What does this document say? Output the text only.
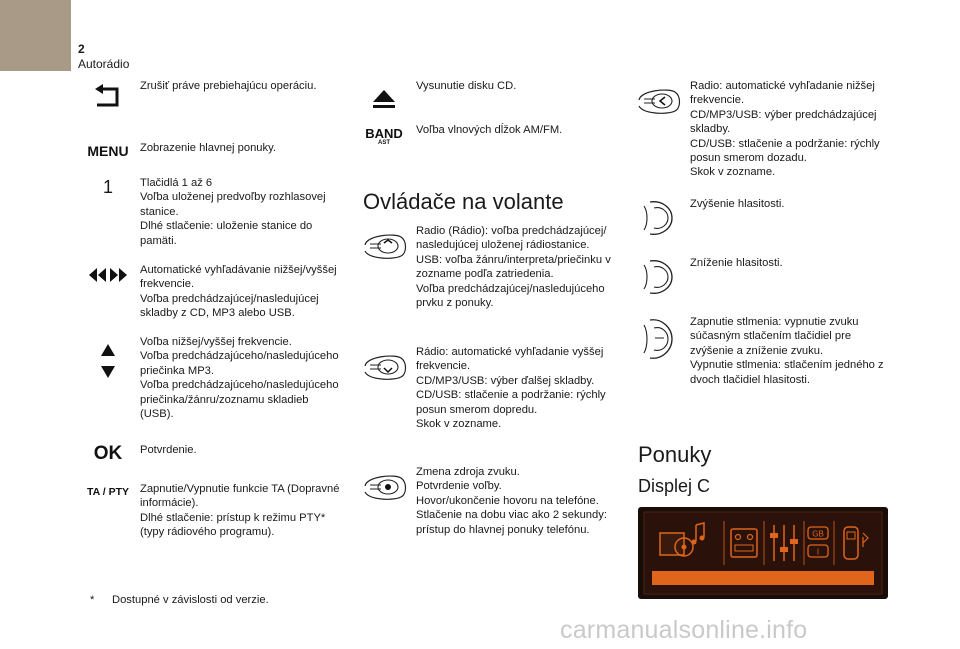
2
Autorádio
Zrušiť práve prebiehajúcu operáciu.
MENU	Zobrazenie hlavnej ponuky.
1	Tlačidlá 1 až 6
Voľba uloženej predvoľby rozhlasovej stanice.
Dlhé stlačenie: uloženie stanice do pamäti.
Automatické vyhľadávanie nižšej/vyššej frekvencie.
Voľba predchádzajúcej/nasledujúcej skladby z CD, MP3 alebo USB.
Voľba nižšej/vyššej frekvencie.
Voľba predchádzajúceho/nasledujúceho priečinka MP3.
Voľba predchádzajúceho/nasledujúceho priečinka/žánru/zoznamu skladieb (USB).
OK	Potvrdenie.
TA / PTY Zapnutie/Vypnutie funkcie TA (Dopravné informácie).
Dlhé stlačenie: prístup k režimu PTY*
(typy rádiového programu).
Vysunutie disku CD.
BAND
AST
Voľba vlnových dĺžok AM/FM.
Ovládače na volante
Radio (Rádio): voľba predchádzajúcej/ nasledujúcej uloženej rádiostanice.
USB: voľba žánru/interpreta/priečinku v zozname podľa zatriedenia.
Voľba predchádzajúcej/nasledujúceho prvku z ponuky.
Rádio: automatické vyhľadanie vyššej frekvencie.
CD/MP3/USB: výber ďalšej skladby.
CD/USB: stlačenie a podržanie: rýchly posun smerom dopredu.
Skok v zozname.
Zmena zdroja zvuku.
Potvrdenie voľby.
Hovor/ukončenie hovoru na telefóne.
Stlačenie na dobu viac ako 2 sekundy: prístup do hlavnej ponuky telefónu.
Radio: automatické vyhľadanie nižšej frekvencie.
CD/MP3/USB: výber predchádzajúcej skladby.
CD/USB: stlačenie a podržanie: rýchly posun smerom dozadu.
Skok v zozname.
Zvýšenie hlasitosti.
Zníženie hlasitosti.
Zapnutie stlmenia: vypnutie zvuku súčasným stlačením tlačidiel pre zvýšenie a zníženie zvuku.
Vypnutie stlmenia: stlačením jedného z dvoch tlačidiel hlasitosti.
Ponuky
Displej C
GB
I
* Dostupné v závislosti od verzie.
carmanualsonline.info
